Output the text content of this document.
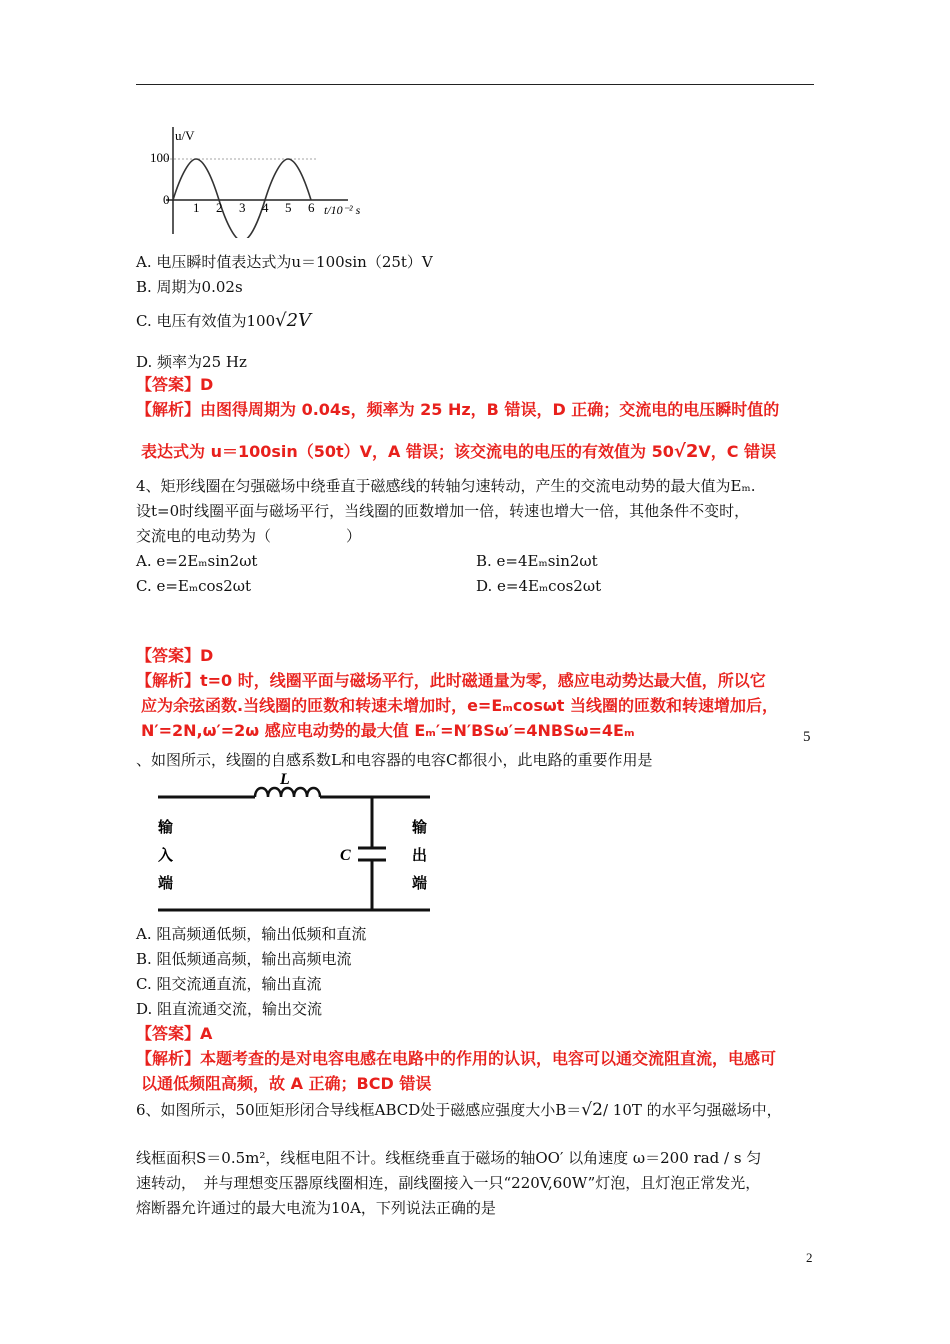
u/V
100
0
1 2 3 4 5 6 t/10⁻² s
A. 电压瞬时值表达式为u＝100sin（25t）V
B. 周期为0.02s
C. 电压有效值为100√2V
D. 频率为25 Hz
【答案】D
【解析】由图得周期为 0.04s，频率为 25 Hz，B 错误，D 正确；交流电的电压瞬时值的
表达式为 u＝100sin（50t）V，A 错误；该交流电的电压的有效值为 50√2V，C 错误
4、矩形线圈在匀强磁场中绕垂直于磁感线的转轴匀速转动，产生的交流电动势的最大值为Eₘ.
设t=0时线圈平面与磁场平行，当线圈的匝数增加一倍，转速也增大一倍，其他条件不变时，
交流电的电动势为（　　　　　）
A. e=2Eₘsin2ωt	B. e=4Eₘsin2ωt
C. e=Eₘcos2ωt	D. e=4Eₘcos2ωt
【答案】D
【解析】t=0 时，线圈平面与磁场平行，此时磁通量为零，感应电动势达最大值，所以它
应为余弦函数.当线圈的匝数和转速未增加时，e=Eₘcosωt 当线圈的匝数和转速增加后，
N′=2N,ω′=2ω 感应电动势的最大值 Eₘ′=N′BSω′=4NBSω=4Eₘ	5
、如图所示，线圈的自感系数L和电容器的电容C都很小，此电路的重要作用是
L
C
输
入
端
输
出
端
A. 阻高频通低频，输出低频和直流
B. 阻低频通高频，输出高频电流
C. 阻交流通直流，输出直流
D. 阻直流通交流，输出交流
【答案】A
【解析】本题考查的是对电容电感在电路中的作用的认识，电容可以通交流阻直流，电感可
以通低频阻高频，故 A 正确；BCD 错误
6、如图所示，50匝矩形闭合导线框ABCD处于磁感应强度大小B＝√2/ 10T 的水平匀强磁场中，
线框面积S＝0.5m²，线框电阻不计。线框绕垂直于磁场的轴OO′ 以角速度 ω＝200 rad / s 匀
速转动，　并与理想变压器原线圈相连，副线圈接入一只“220V,60W”灯泡，且灯泡正常发光，
熔断器允许通过的最大电流为10A，下列说法正确的是
2
